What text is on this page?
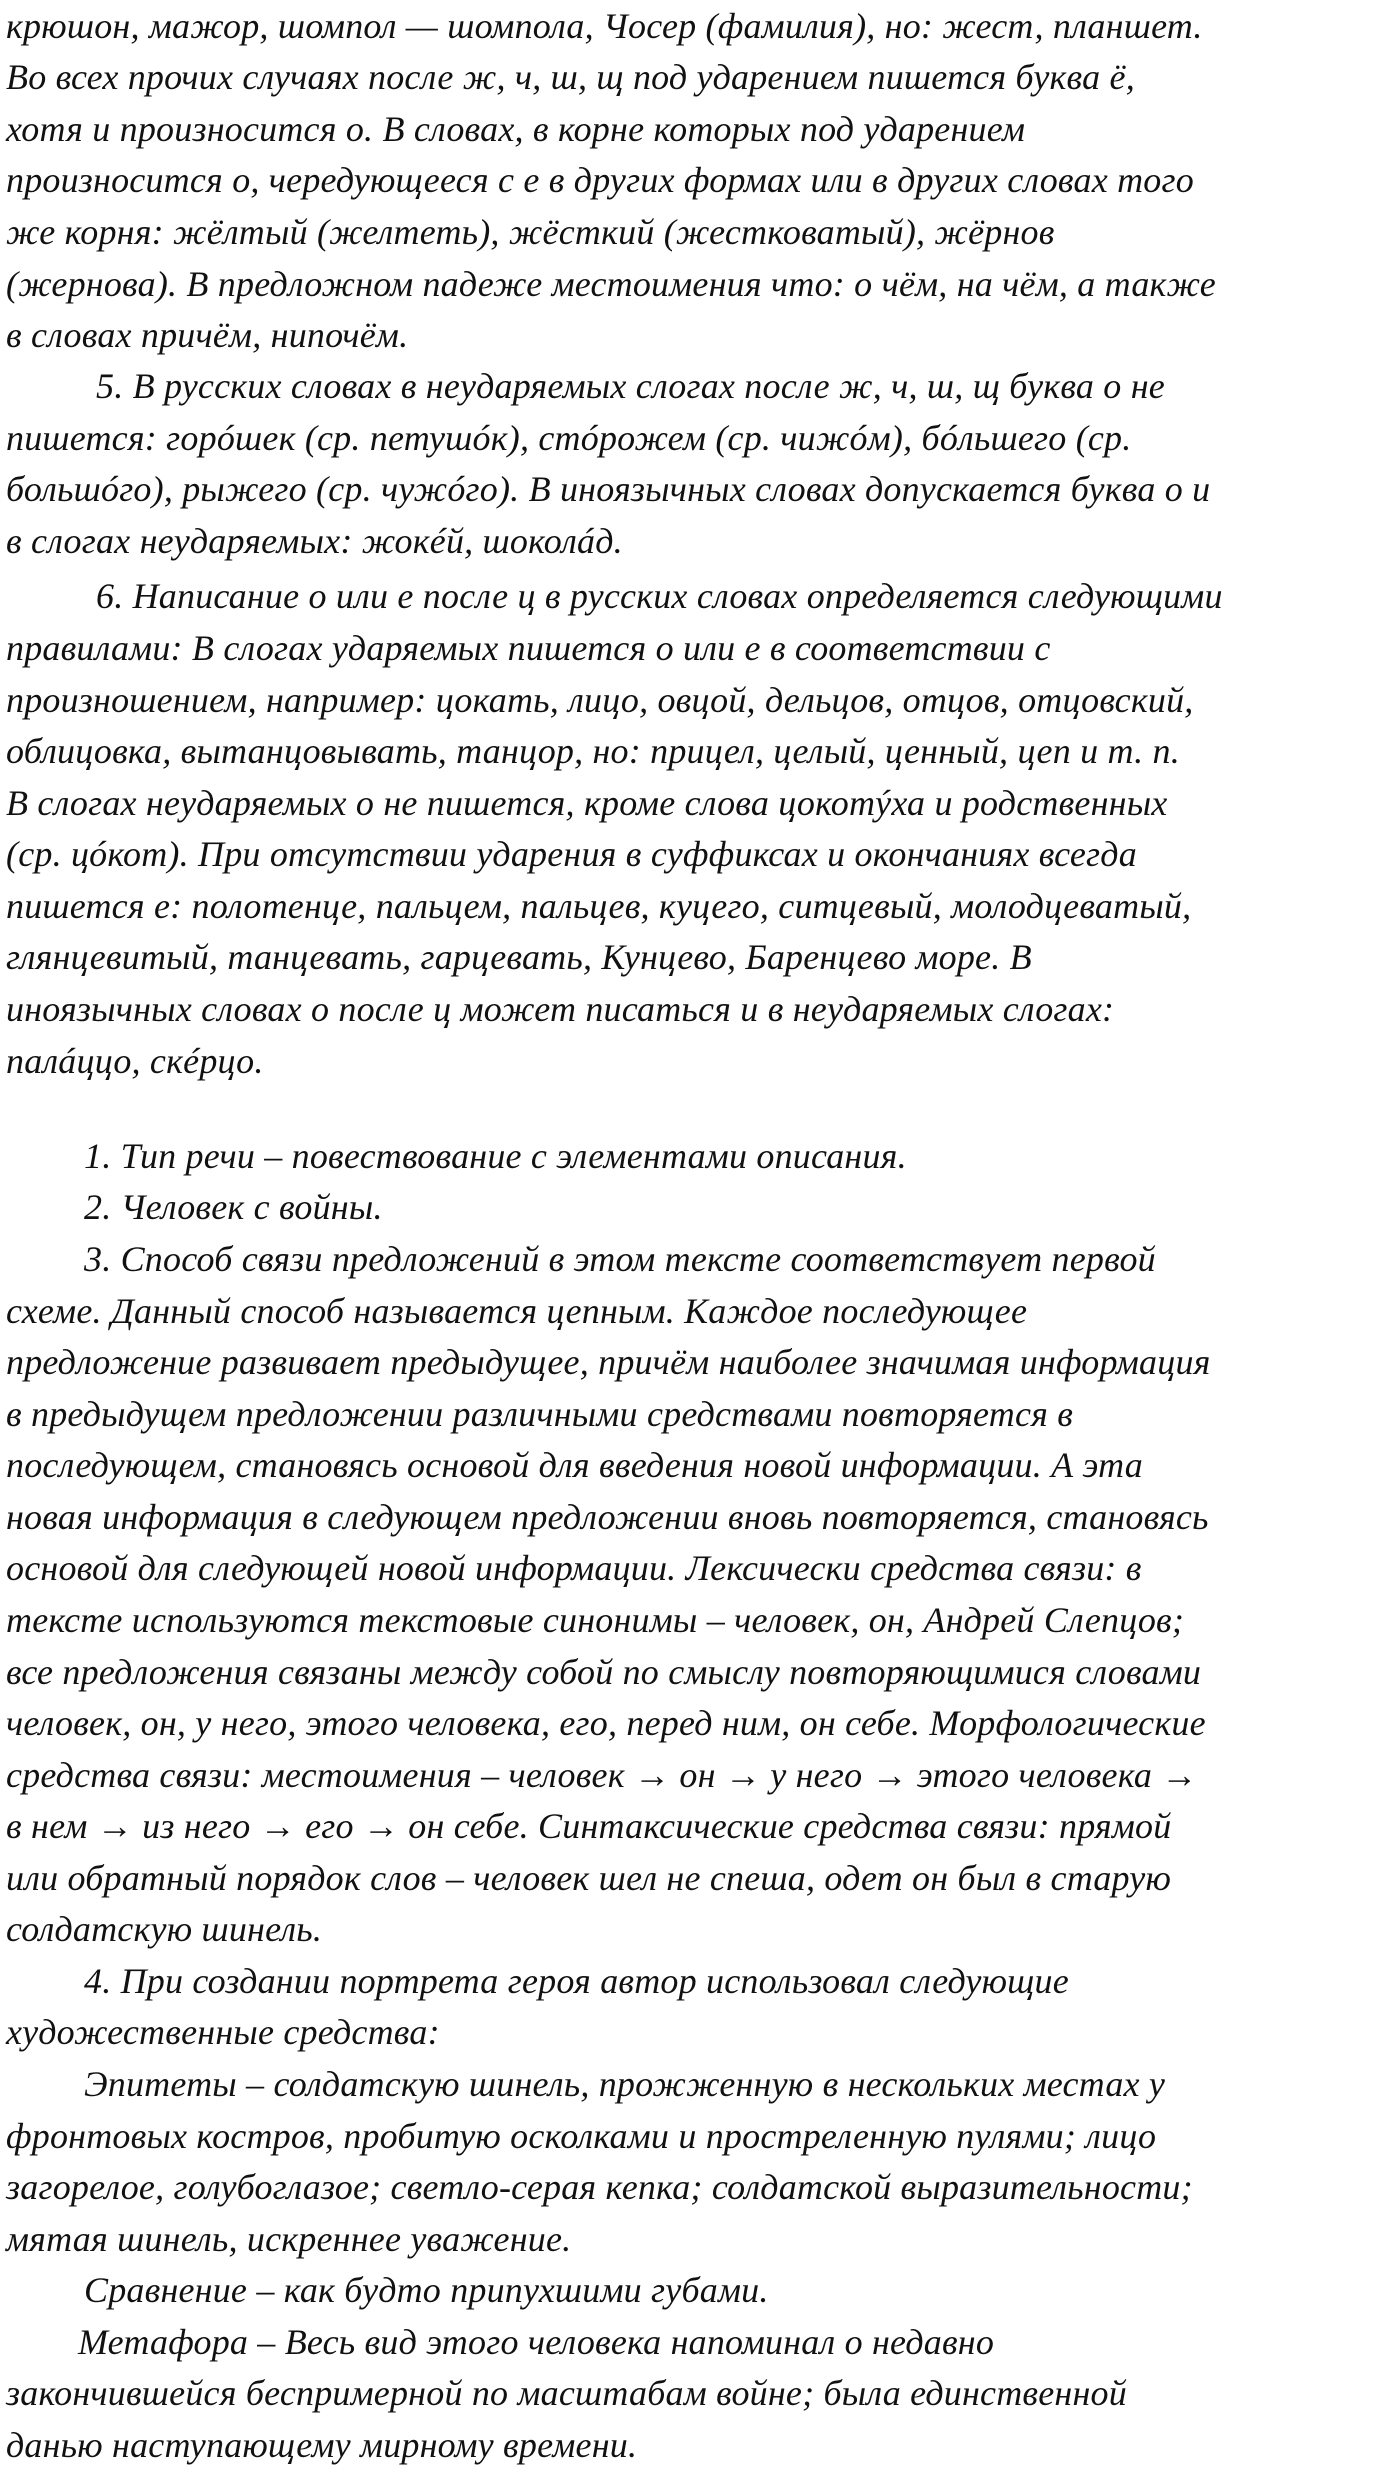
крюшон, мажор, шомпол — шомпола, Чосер (фамилия), но: жест, планшет.
Во всех прочих случаях после ж, ч, ш, щ под ударением пишется буква ё,
хотя и произносится о. В словах, в корне которых под ударением
произносится о, чередующееся с е в других формах или в других словах того
же корня: жёлтый (желтеть), жёсткий (жестковатый), жёрнов
(жернова). В предложном падеже местоимения что: о чём, на чём, а также
в словах причём, нипочём.
5. В русских словах в неударяемых слогах после ж, ч, ш, щ буква о не
пишется: горóшек (ср. петушóк), стóрожем (ср. чижóм), бóльшего (ср.
большóго), рыжего (ср. чужóго). В иноязычных словах допускается буква о и
в слогах неударяемых: жокéй, шоколáд.
6. Написание о или е после ц в русских словах определяется следующими
правилами: В слогах ударяемых пишется о или е в соответствии с
произношением, например: цокать, лицо, овцой, дельцов, отцов, отцовский,
облицовка, вытанцовывать, танцор, но: прицел, целый, ценный, цеп и т. п.
В слогах неударяемых о не пишется, кроме слова цокотýха и родственных
(ср. цóкот). При отсутствии ударения в суффиксах и окончаниях всегда
пишется е: полотенце, пальцем, пальцев, куцего, ситцевый, молодцеватый,
глянцевитый, танцевать, гарцевать, Кунцево, Баренцево море. В
иноязычных словах о после ц может писаться и в неударяемых слогах:
палáццо, скéрцо.
1. Тип речи – повествование с элементами описания.
2. Человек с войны.
3. Способ связи предложений в этом тексте соответствует первой
схеме. Данный способ называется цепным. Каждое последующее
предложение развивает предыдущее, причём наиболее значимая информация
в предыдущем предложении различными средствами повторяется в
последующем, становясь основой для введения новой информации. А эта
новая информация в следующем предложении вновь повторяется, становясь
основой для следующей новой информации. Лексически средства связи: в
тексте используются текстовые синонимы – человек, он, Андрей Слепцов;
все предложения связаны между собой по смыслу повторяющимися словами
человек, он, у него, этого человека, его, перед ним, он себе. Морфологические
средства связи: местоимения – человек → он → у него → этого человека →
в нем → из него → его → он себе. Синтаксические средства связи: прямой
или обратный порядок слов – человек шел не спеша, одет он был в старую
солдатскую шинель.
4. При создании портрета героя автор использовал следующие
художественные средства:
Эпитеты – солдатскую шинель, прожженную в нескольких местах у
фронтовых костров, пробитую осколками и простреленную пулями; лицо
загорелое, голубоглазое; светло-серая кепка; солдатской выразительности;
мятая шинель, искреннее уважение.
Сравнение – как будто припухшими губами.
Метафора – Весь вид этого человека напоминал о недавно
закончившейся беспримерной по масштабам войне; была единственной
данью наступающему мирному времени.
